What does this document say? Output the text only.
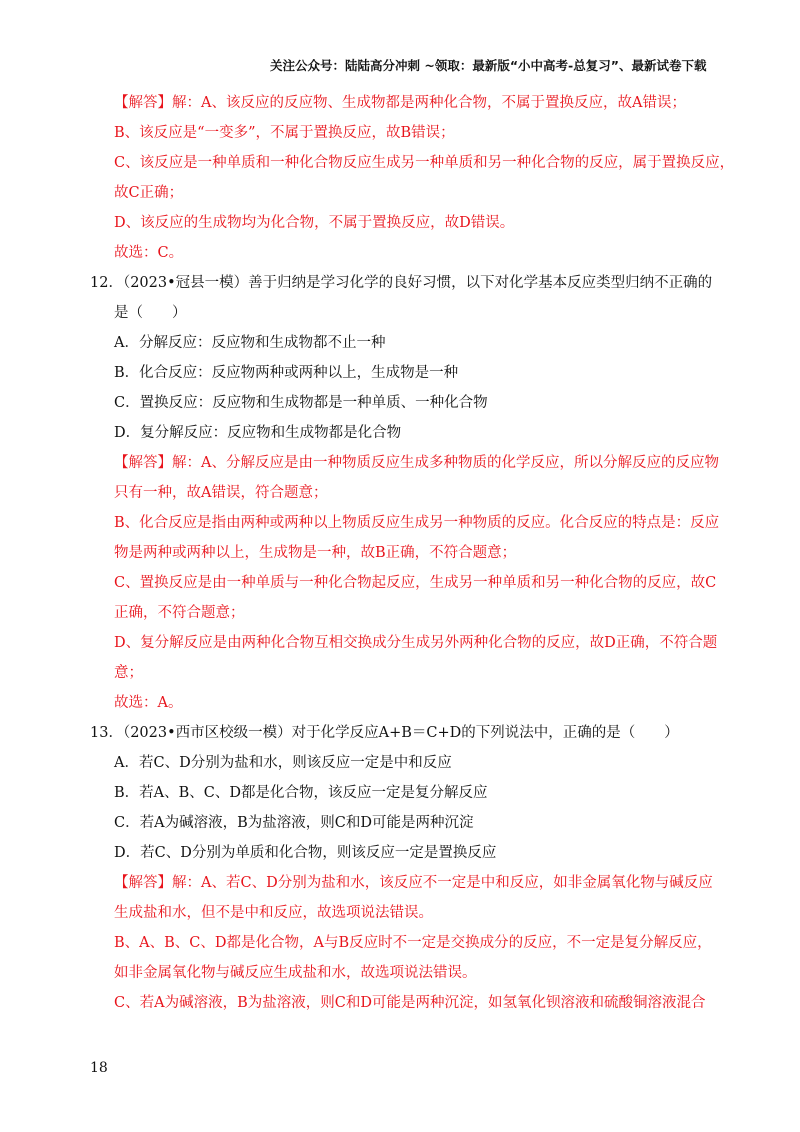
关注公众号：陆陆高分冲刺 ~领取：最新版“小中高考-总复习”、最新试卷下载
【解答】解：A、该反应的反应物、生成物都是两种化合物，不属于置换反应，故A错误；
B、该反应是“一变多”，不属于置换反应，故B错误；
C、该反应是一种单质和一种化合物反应生成另一种单质和另一种化合物的反应，属于置换反应，
故C正确；
D、该反应的生成物均为化合物，不属于置换反应，故D错误。
故选：C。
12．（2023•冠县一模）善于归纳是学习化学的良好习惯，以下对化学基本反应类型归纳不正确的
是（　　）
A．分解反应：反应物和生成物都不止一种
B．化合反应：反应物两种或两种以上，生成物是一种
C．置换反应：反应物和生成物都是一种单质、一种化合物
D．复分解反应：反应物和生成物都是化合物
【解答】解：A、分解反应是由一种物质反应生成多种物质的化学反应，所以分解反应的反应物
只有一种，故A错误，符合题意；
B、化合反应是指由两种或两种以上物质反应生成另一种物质的反应。化合反应的特点是：反应
物是两种或两种以上，生成物是一种，故B正确，不符合题意；
C、置换反应是由一种单质与一种化合物起反应，生成另一种单质和另一种化合物的反应，故C
正确，不符合题意；
D、复分解反应是由两种化合物互相交换成分生成另外两种化合物的反应，故D正确，不符合题
意；
故选：A。
13．（2023•西市区校级一模）对于化学反应A+B＝C+D的下列说法中，正确的是（　　）
A．若C、D分别为盐和水，则该反应一定是中和反应
B．若A、B、C、D都是化合物，该反应一定是复分解反应
C．若A为碱溶液，B为盐溶液，则C和D可能是两种沉淀
D．若C、D分别为单质和化合物，则该反应一定是置换反应
【解答】解：A、若C、D分别为盐和水，该反应不一定是中和反应，如非金属氧化物与碱反应
生成盐和水，但不是中和反应，故选项说法错误。
B、A、B、C、D都是化合物，A与B反应时不一定是交换成分的反应，不一定是复分解反应，
如非金属氧化物与碱反应生成盐和水，故选项说法错误。
C、若A为碱溶液，B为盐溶液，则C和D可能是两种沉淀，如氢氧化钡溶液和硫酸铜溶液混合
18
